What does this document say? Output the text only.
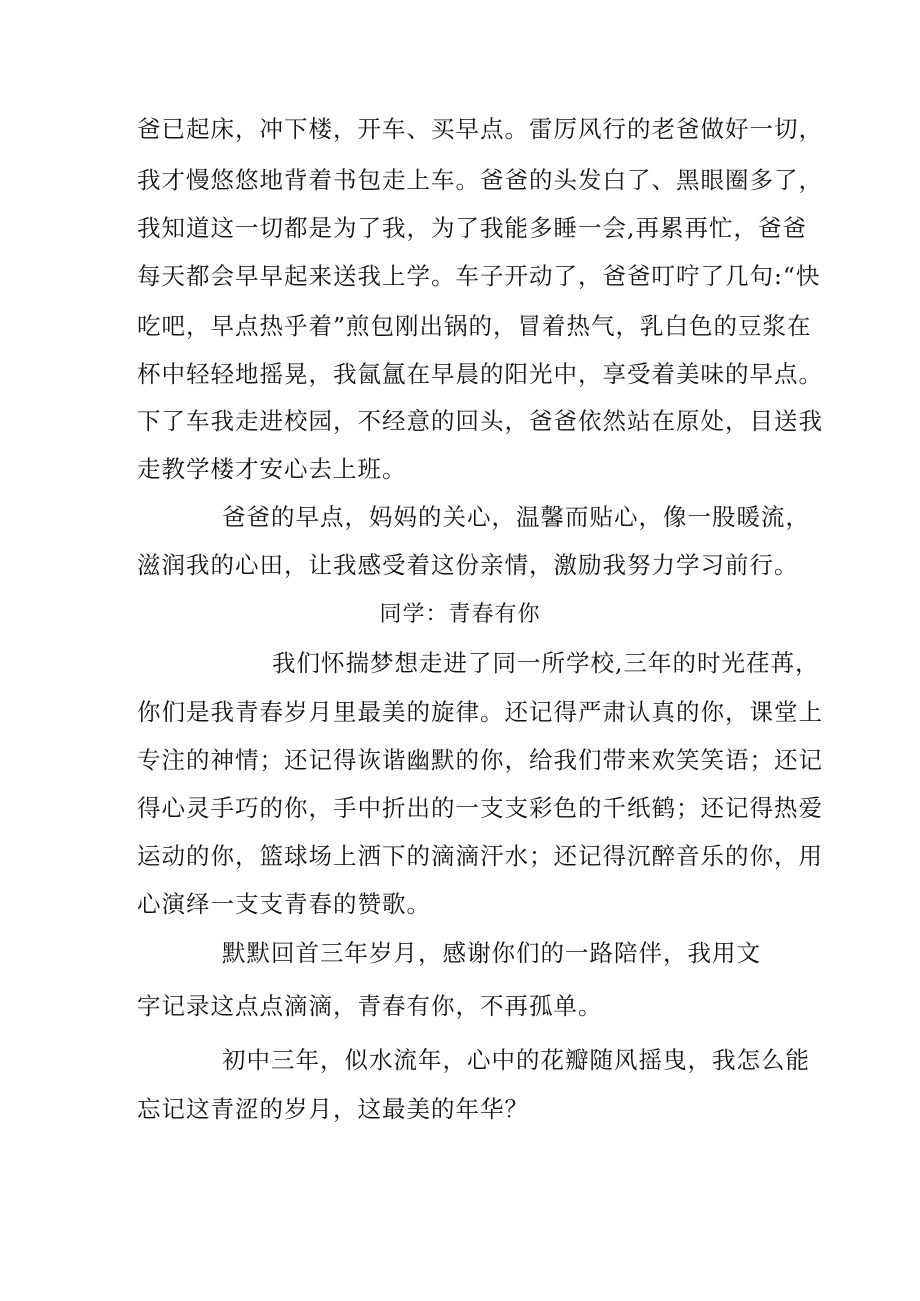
爸已起床，冲下楼，开车、买早点。雷厉风行的老爸做好一切，
我才慢悠悠地背着书包走上车。爸爸的头发白了、黑眼圈多了，
我知道这一切都是为了我，为了我能多睡一会,再累再忙，爸爸
每天都会早早起来送我上学。车子开动了，爸爸叮咛了几句:“快
吃吧，早点热乎着”煎包刚出锅的，冒着热气，乳白色的豆浆在
杯中轻轻地摇晃，我氤氲在早晨的阳光中，享受着美味的早点。
下了车我走进校园，不经意的回头，爸爸依然站在原处，目送我
走教学楼才安心去上班。
爸爸的早点，妈妈的关心，温馨而贴心，像一股暖流，
滋润我的心田，让我感受着这份亲情，激励我努力学习前行。
同学：青春有你
我们怀揣梦想走进了同一所学校,三年的时光荏苒，
你们是我青春岁月里最美的旋律。还记得严肃认真的你，课堂上
专注的神情；还记得诙谐幽默的你，给我们带来欢笑笑语；还记
得心灵手巧的你，手中折出的一支支彩色的千纸鹤；还记得热爱
运动的你，篮球场上洒下的滴滴汗水；还记得沉醉音乐的你，用
心演绎一支支青春的赞歌。
默默回首三年岁月，感谢你们的一路陪伴，我用文
字记录这点点滴滴，青春有你，不再孤单。
初中三年，似水流年，心中的花瓣随风摇曳，我怎么能
忘记这青涩的岁月，这最美的年华？
